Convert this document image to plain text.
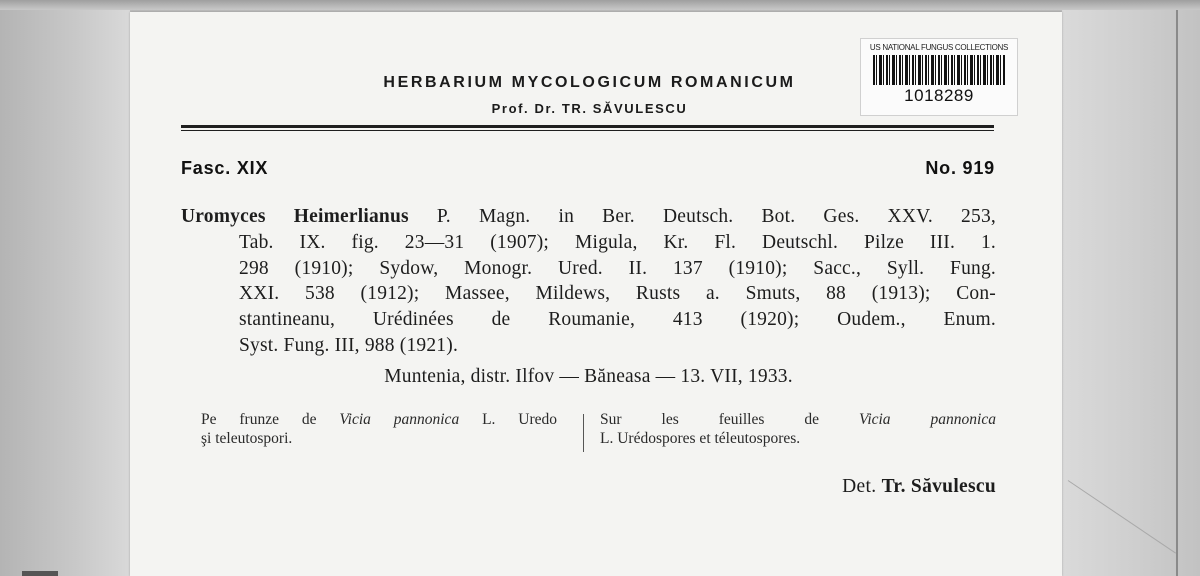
HERBARIUM MYCOLOGICUM ROMANICUM
Prof. Dr. TR. SĂVULESCU
US NATIONAL FUNGUS COLLECTIONS
1018289
Fasc. XIX	No. 919
Uromyces Heimerlianus P. Magn. in Ber. Deutsch. Bot. Ges. XXV. 253,
Tab. IX. fig. 23—31 (1907); Migula, Kr. Fl. Deutschl. Pilze III. 1.
298 (1910); Sydow, Monogr. Ured. II. 137 (1910); Sacc., Syll. Fung.
XXI. 538 (1912); Massee, Mildews, Rusts a. Smuts, 88 (1913); Con-
stantineanu, Urédinées de Roumanie, 413 (1920); Oudem., Enum.
Syst. Fung. III, 988 (1921).
Muntenia, distr. Ilfov — Băneasa — 13. VII, 1933.
Pe frunze de Vicia pannonica L. Uredo
şi teleutospori.
Sur les feuilles de Vicia pannonica
L. Urédospores et téleutospores.
Det. Tr. Săvulescu
